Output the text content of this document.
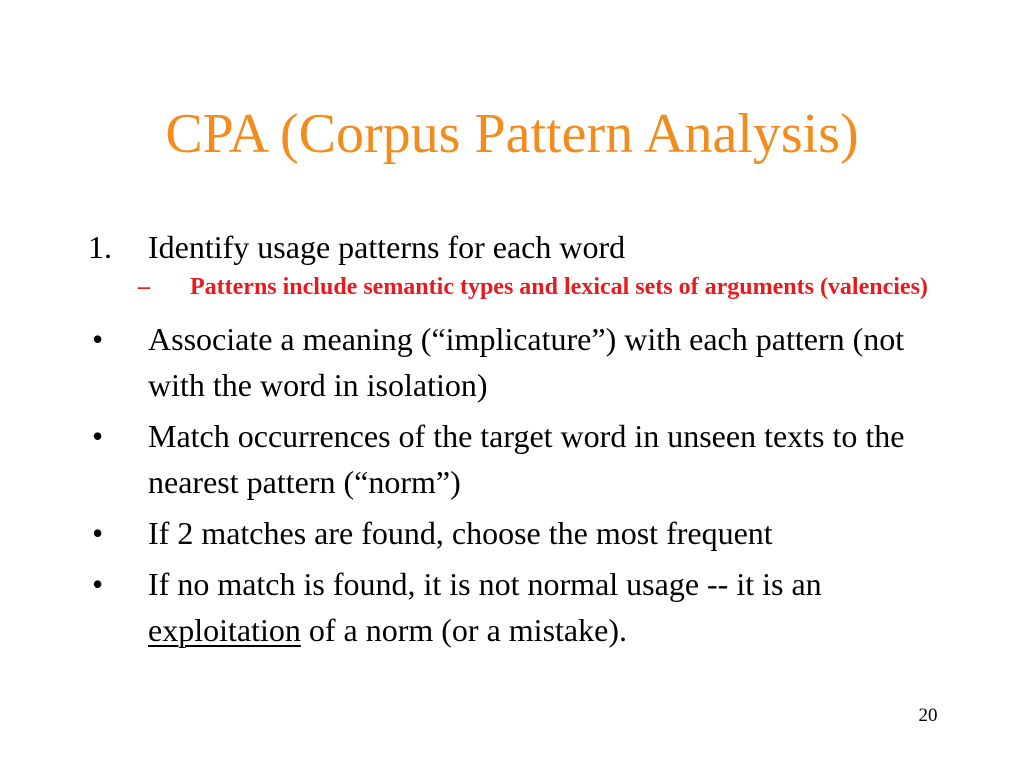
CPA (Corpus Pattern Analysis)
1. Identify usage patterns for each word
– Patterns include semantic types and lexical sets of arguments (valencies)
• Associate a meaning (“implicature”) with each pattern (not with the word in isolation)
• Match occurrences of the target word in unseen texts to the nearest pattern (“norm”)
• If 2 matches are found, choose the most frequent
• If no match is found, it is not normal usage -- it is an exploitation of a norm (or a mistake).
20
